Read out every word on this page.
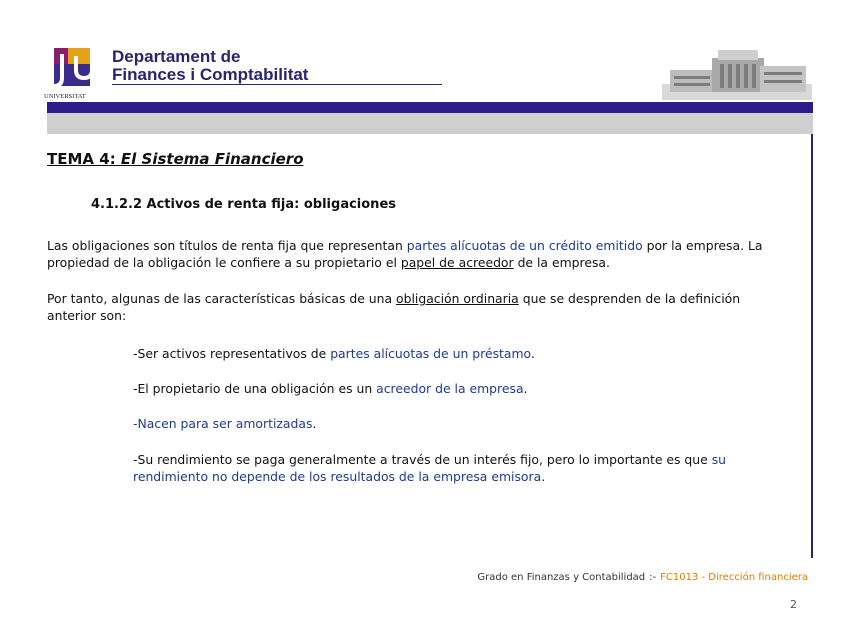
UNIVERSITAT
Departament de
Finances i Comptabilitat
TEMA 4: El Sistema Financiero
4.1.2.2 Activos de renta fija: obligaciones
Las obligaciones son títulos de renta fija que representan partes alícuotas de un crédito emitido por la empresa. La propiedad de la obligación le confiere a su propietario el papel de acreedor de la empresa.
Por tanto, algunas de las características básicas de una obligación ordinaria que se desprenden de la definición anterior son:
-Ser activos representativos de partes alícuotas de un préstamo.
-El propietario de una obligación es un acreedor de la empresa.
-Nacen para ser amortizadas.
-Su rendimiento se paga generalmente a través de un interés fijo, pero lo importante es que su rendimiento no depende de los resultados de la empresa emisora.
Grado en Finanzas y Contabilidad :- FC1013 - Dirección financiera
2
